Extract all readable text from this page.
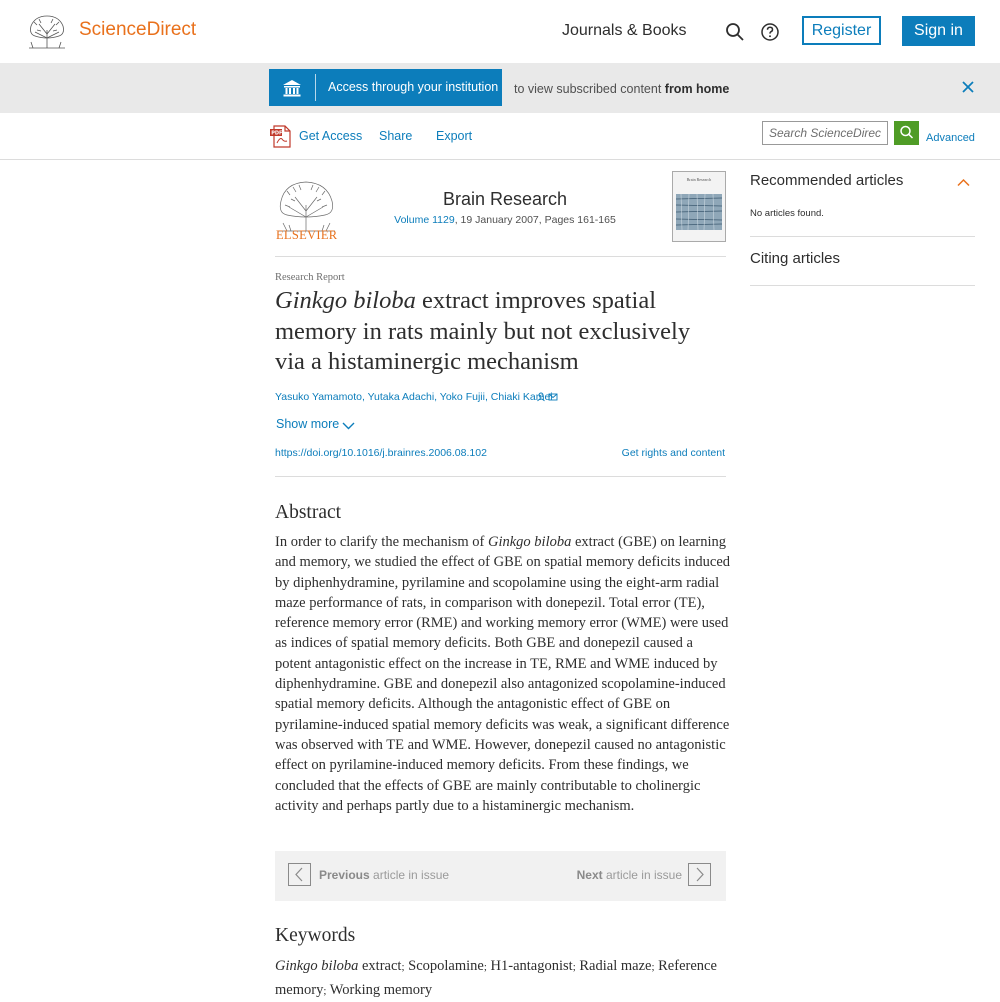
ScienceDirect	Journals & Books	Register	Sign in
Access through your institution to view subscribed content from home
PDF Get Access Share Export
Search ScienceDirect	Advanced
ELSEVIER
Brain Research
Volume 1129, 19 January 2007, Pages 161-165
Brain Research
Research Report
Ginkgo biloba extract improves spatial memory in rats mainly but not exclusively via a histaminergic mechanism
Yasuko Yamamoto, Yutaka Adachi, Yoko Fujii, Chiaki Kamei
Show more
https://doi.org/10.1016/j.brainres.2006.08.102	Get rights and content
Abstract

In order to clarify the mechanism of Ginkgo biloba extract (GBE) on learning and memory, we studied the effect of GBE on spatial memory deficits induced by diphenhydramine, pyrilamine and scopolamine using the eight-arm radial maze performance of rats, in comparison with donepezil. Total error (TE), reference memory error (RME) and working memory error (WME) were used as indices of spatial memory deficits. Both GBE and donepezil caused a potent antagonistic effect on the increase in TE, RME and WME induced by diphenhydramine. GBE and donepezil also antagonized scopolamine-induced spatial memory deficits. Although the antagonistic effect of GBE on pyrilamine-induced spatial memory deficits was weak, a significant difference was observed with TE and WME. However, donepezil caused no antagonistic effect on pyrilamine-induced memory deficits. From these findings, we concluded that the effects of GBE are mainly contributable to cholinergic activity and perhaps partly due to a histaminergic mechanism.

Previous article in issue	Next article in issue
Keywords

Ginkgo biloba extract; Scopolamine; H1-antagonist; Radial maze; Reference memory; Working memory

Recommended articles
No articles found.
Citing articles
